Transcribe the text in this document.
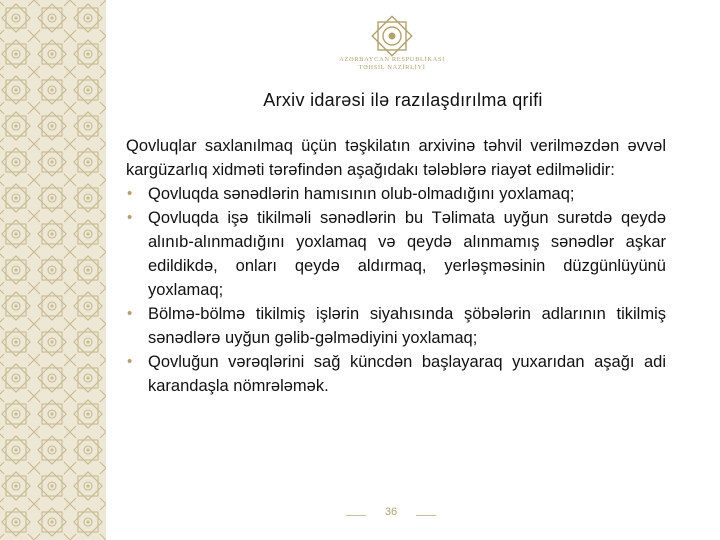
AZƏRBAYCAN RESPUBLİKASI
TƏHSİL NAZİRLİYİ
Arxiv idarəsi ilə razılaşdırılma qrifi

Qovluqlar saxlanılmaq üçün təşkilatın arxivinə təhvil verilməzdən əvvəl kargüzarlıq xidməti tərəfindən aşağıdakı tələblərə riayət edilməlidir:

• Qovluqda sənədlərin hamısının olub-olmadığını yoxlamaq;
• Qovluqda işə tikilməli sənədlərin bu Təlimata uyğun surətdə qeydə alınıb-alınmadığını yoxlamaq və qeydə alınmamış sənədlər aşkar edildikdə, onları qeydə aldırmaq, yerləşməsinin düzgünlüyünü yoxlamaq;
• Bölmə-bölmə tikilmiş işlərin siyahısında şöbələrin adlarının tikilmiş sənədlərə uyğun gəlib-gəlmədiyini yoxlamaq;
• Qovluğun vərəqlərini sağ küncdən başlayaraq yuxarıdan aşağı adi karandaşla nömrələmək.
36
